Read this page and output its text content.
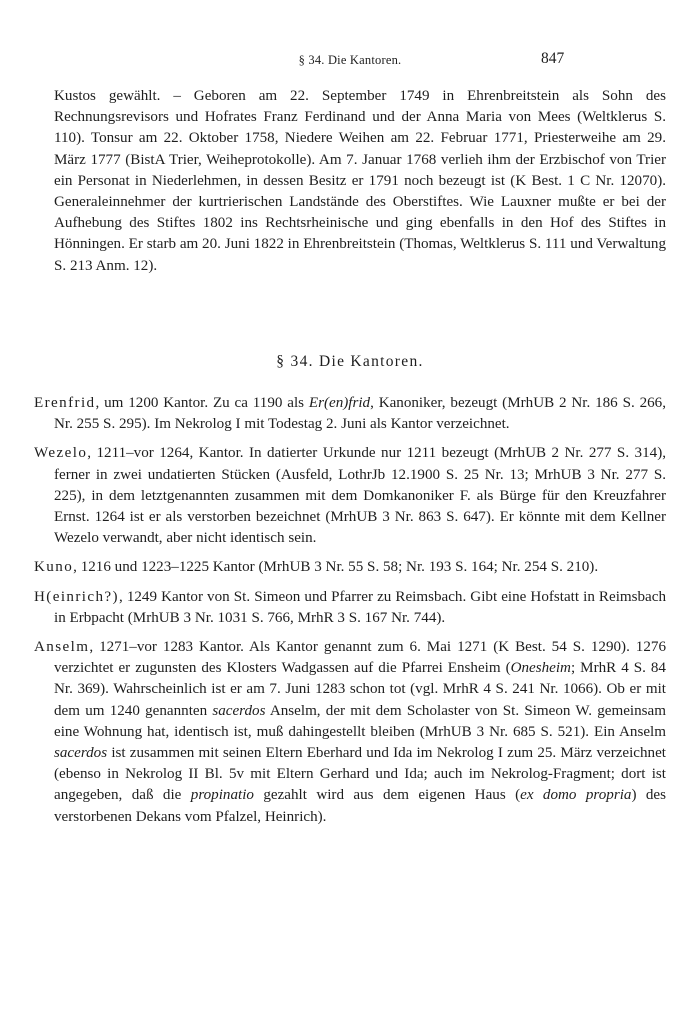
§ 34. Die Kantoren.	847

Kustos gewählt. – Geboren am 22. September 1749 in Ehrenbreitstein als Sohn des Rechnungsrevisors und Hofrates Franz Ferdinand und der Anna Maria von Mees (Weltklerus S. 110). Tonsur am 22. Oktober 1758, Niedere Weihen am 22. Februar 1771, Priesterweihe am 29. März 1777 (BistA Trier, Weiheprotokolle). Am 7. Januar 1768 verlieh ihm der Erzbischof von Trier ein Personat in Niederlehmen, in dessen Besitz er 1791 noch bezeugt ist (K Best. 1 C Nr. 12070). Generaleinnehmer der kurtrierischen Landstände des Oberstiftes. Wie Lauxner mußte er bei der Aufhebung des Stiftes 1802 ins Rechtsrheinische und ging ebenfalls in den Hof des Stiftes in Hönningen. Er starb am 20. Juni 1822 in Ehrenbreitstein (Thomas, Weltklerus S. 111 und Verwaltung S. 213 Anm. 12).

§ 34. Die Kantoren.

Erenfrid, um 1200 Kantor. Zu ca 1190 als Er(en)frid, Kanoniker, bezeugt (MrhUB 2 Nr. 186 S. 266, Nr. 255 S. 295). Im Nekrolog I mit Todestag 2. Juni als Kantor verzeichnet.

Wezelo, 1211–vor 1264, Kantor. In datierter Urkunde nur 1211 bezeugt (MrhUB 2 Nr. 277 S. 314), ferner in zwei undatierten Stücken (Ausfeld, LothrJb 12.1900 S. 25 Nr. 13; MrhUB 3 Nr. 277 S. 225), in dem letztgenannten zusammen mit dem Domkanoniker F. als Bürge für den Kreuzfahrer Ernst. 1264 ist er als verstorben bezeichnet (MrhUB 3 Nr. 863 S. 647). Er könnte mit dem Kellner Wezelo verwandt, aber nicht identisch sein.

Kuno, 1216 und 1223–1225 Kantor (MrhUB 3 Nr. 55 S. 58; Nr. 193 S. 164; Nr. 254 S. 210).

H(einrich?), 1249 Kantor von St. Simeon und Pfarrer zu Reimsbach. Gibt eine Hofstatt in Reimsbach in Erbpacht (MrhUB 3 Nr. 1031 S. 766, MrhR 3 S. 167 Nr. 744).

Anselm, 1271–vor 1283 Kantor. Als Kantor genannt zum 6. Mai 1271 (K Best. 54 S. 1290). 1276 verzichtet er zugunsten des Klosters Wadgassen auf die Pfarrei Ensheim (Onesheim; MrhR 4 S. 84 Nr. 369). Wahrscheinlich ist er am 7. Juni 1283 schon tot (vgl. MrhR 4 S. 241 Nr. 1066). Ob er mit dem um 1240 genannten sacerdos Anselm, der mit dem Scholaster von St. Simeon W. gemeinsam eine Wohnung hat, identisch ist, muß dahingestellt bleiben (MrhUB 3 Nr. 685 S. 521). Ein Anselm sacerdos ist zusammen mit seinen Eltern Eberhard und Ida im Nekrolog I zum 25. März verzeichnet (ebenso in Nekrolog II Bl. 5v mit Eltern Gerhard und Ida; auch im Nekrolog-Fragment; dort ist angegeben, daß die propinatio gezahlt wird aus dem eigenen Haus (ex domo propria) des verstorbenen Dekans vom Pfalzel, Heinrich).
